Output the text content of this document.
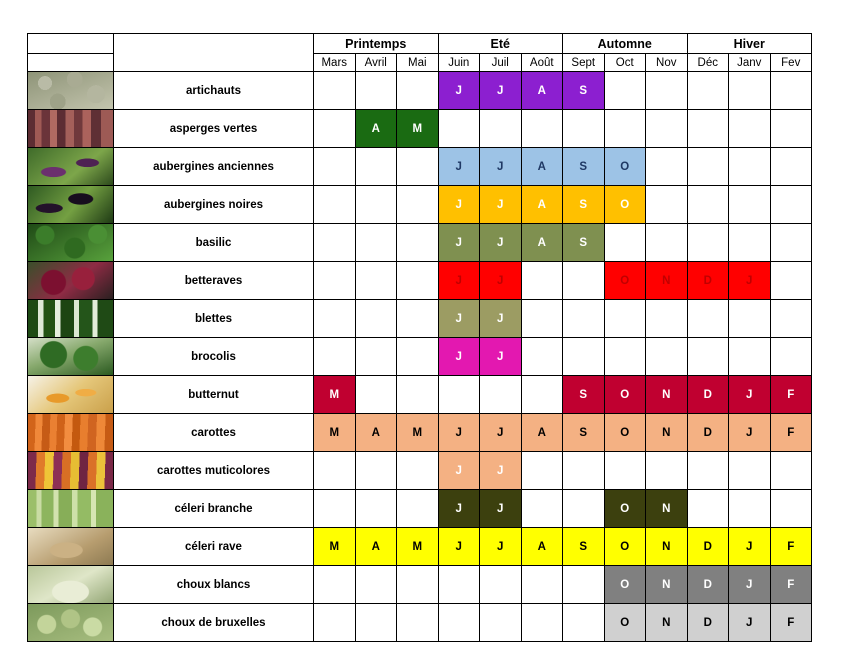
		Printemps			Eté			Automne			Hiver		
		Mars	Avril	Mai	Juin	Juil	Août	Sept	Oct	Nov	Déc	Janv	Fev

	artichauts				J	J	A	S					

	asperges vertes		A	M									

	aubergines anciennes				J	J	A	S	O				

	aubergines noires				J	J	A	S	O				

	basilic				J	J	A	S					

	betteraves				J	J			O	N	D	J	

	blettes				J	J							

	brocolis				J	J							

	butternut	M						S	O	N	D	J	F

	carottes	M	A	M	J	J	A	S	O	N	D	J	F

	carottes muticolores				J	J							

	céleri branche				J	J			O	N			

	céleri rave	M	A	M	J	J	A	S	O	N	D	J	F

	choux blancs								O	N	D	J	F

	choux de bruxelles								O	N	D	J	F
